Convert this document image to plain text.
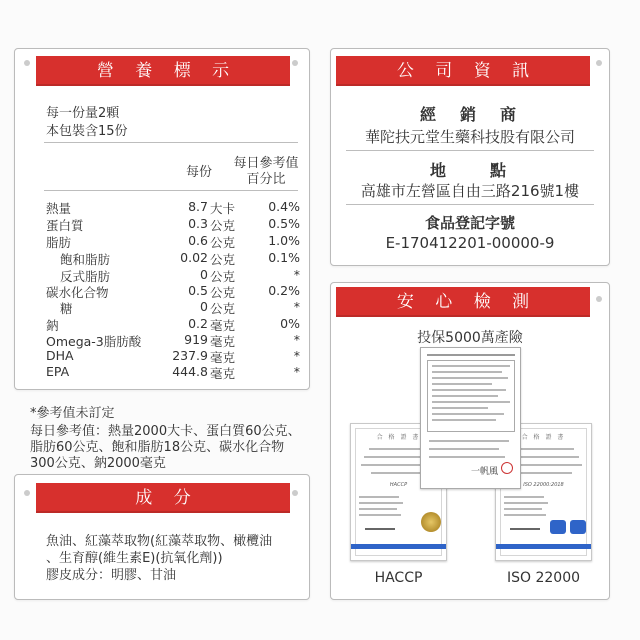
營 養 標 示
每一份量2顆
本包裝含15份
每份
每日參考值
百分比
熱量	8.7 大卡	0.4%
蛋白質	0.3 公克	0.5%
脂肪	0.6 公克	1.0%
飽和脂肪	0.02 公克	0.1%
反式脂肪	0 公克	*
碳水化合物	0.5 公克	0.2%
糖	0 公克	*
鈉	0.2 毫克	0%
Omega-3脂肪酸	919 毫克	*
DHA	237.9 毫克	*
EPA	444.8 毫克	*
*參考值未訂定
每日參考值：熱量2000大卡、蛋白質60公克、
脂肪60公克、飽和脂肪18公克、碳水化合物
300公克、鈉2000毫克
成 分
魚油、紅藻萃取物(紅藻萃取物、橄欖油
、生育醇(維生素E)(抗氧化劑))
膠皮成分：明膠、甘油
公 司 資 訊
經　銷　商
華陀扶元堂生藥科技股有限公司
地　　點
高雄市左營區自由三路216號1樓
食品登記字號
E-170412201-00000-9
安 心 檢 測
投保5000萬產險
合 格 證 書
HACCP
合 格 證 書
ISO 22000:2018
一帆風
HACCP	ISO 22000
